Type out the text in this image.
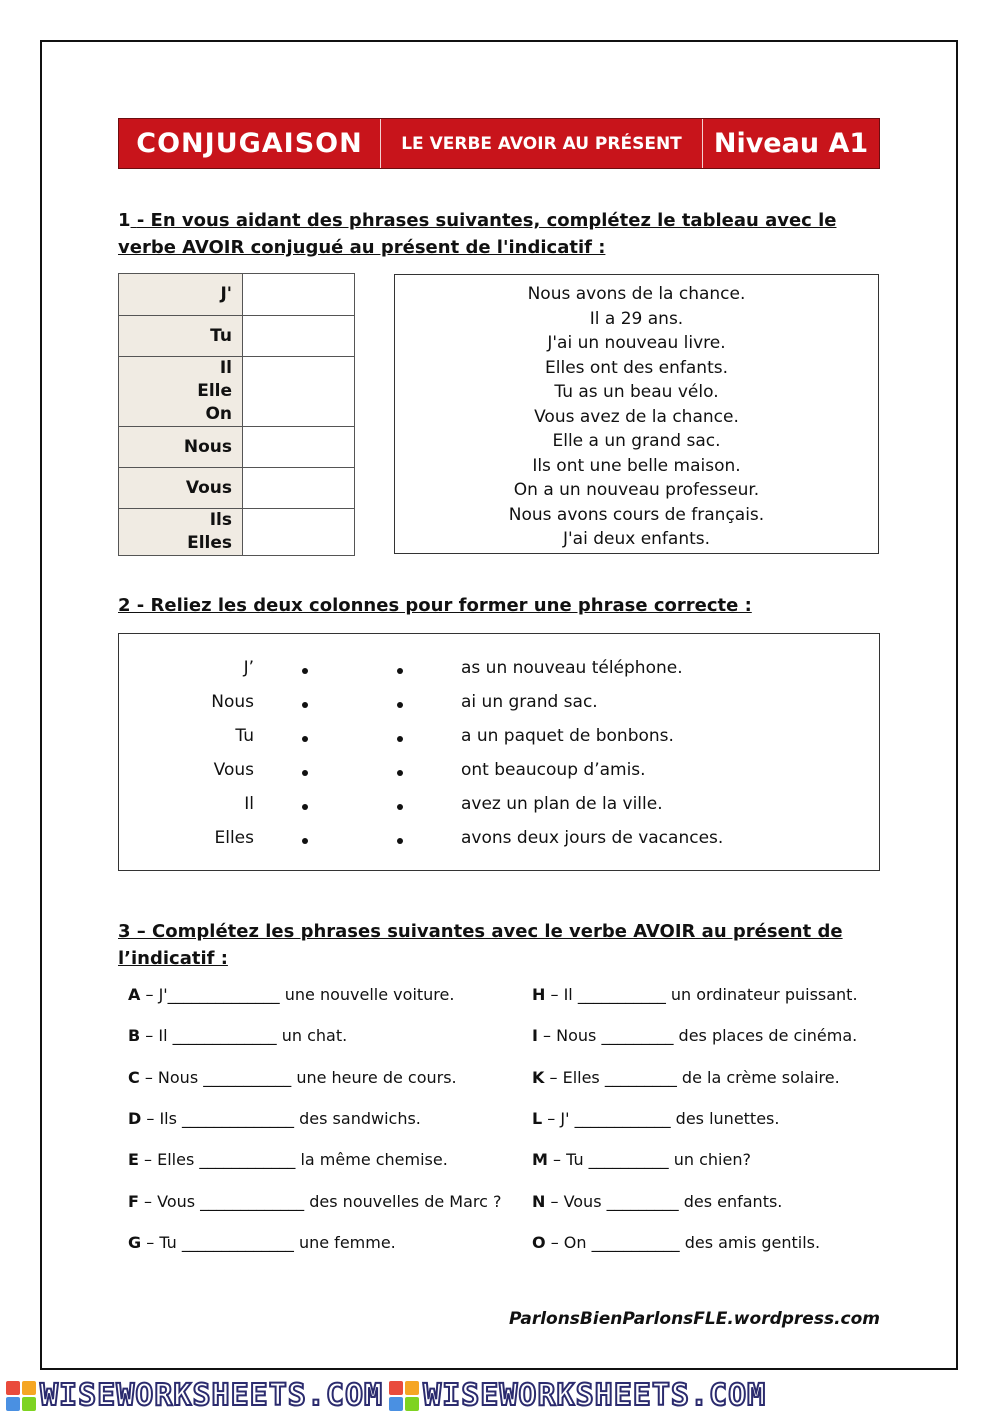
CONJUGAISON	LE VERBE AVOIR AU PRÉSENT	Niveau A1
1 - En vous aidant des phrases suivantes, complétez le tableau avec le verbe AVOIR conjugué au présent de l'indicatif :
J'	

Tu	

Il
Elle
On	

Nous	

Vous	

Ils
Elles	

Nous avons de la chance.
Il a 29 ans.
J'ai un nouveau livre.
Elles ont des enfants.
Tu as un beau vélo.
Vous avez de la chance.
Elle a un grand sac.
Ils ont une belle maison.
On a un nouveau professeur.
Nous avons cours de français.
J'ai deux enfants.
2 - Reliez les deux colonnes pour former une phrase correcte :
J’	as un nouveau téléphone.
Nous	ai un grand sac.
Tu	a un paquet de bonbons.
Vous	ont beaucoup d’amis.
Il	avez un plan de la ville.
Elles	avons deux jours de vacances.
3 – Complétez les phrases suivantes avec le verbe AVOIR au présent de l’indicatif :
A – J'______________ une nouvelle voiture.
B – Il _____________ un chat.
C – Nous ___________ une heure de cours.
D – Ils ______________ des sandwichs.
E – Elles ____________ la même chemise.
F – Vous _____________ des nouvelles de Marc ?
G – Tu ______________ une femme.
H – Il ___________ un ordinateur puissant.
I – Nous _________ des places de cinéma.
K – Elles _________ de la crème solaire.
L – J' ____________ des lunettes.
M – Tu __________ un chien?
N – Vous _________ des enfants.
O – On ___________ des amis gentils.
ParlonsBienParlonsFLE.wordpress.com
WISEWORKSHEETS.COM WISEWORKSHEETS.COM
